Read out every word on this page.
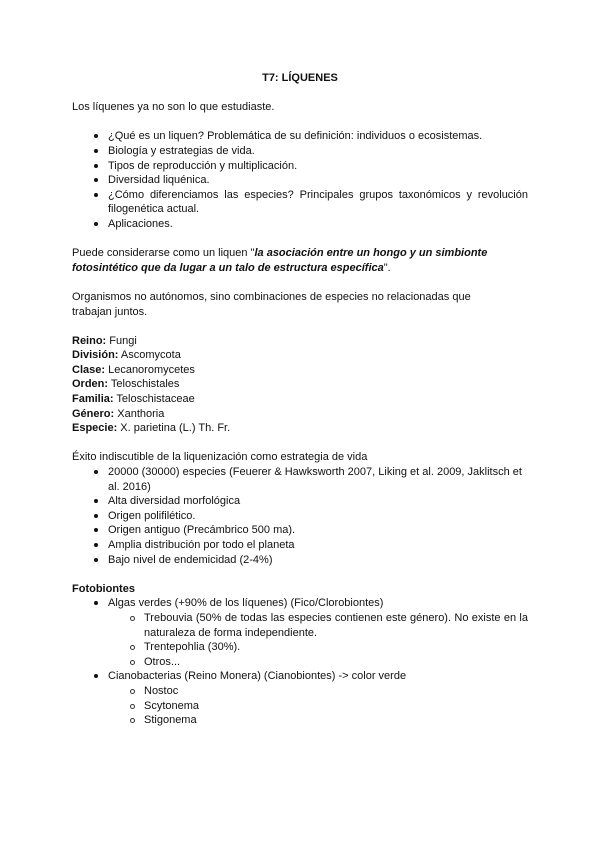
T7: LÍQUENES

Los líquenes ya no son lo que estudiaste.

¿Qué es un liquen? Problemática de su definición: individuos o ecosistemas.
Biología y estrategias de vida.
Tipos de reproducción y multiplicación.
Diversidad liquénica.
¿Cómo diferenciamos las especies? Principales grupos taxonómicos y revolución filogenética actual.
Aplicaciones.

Puede considerarse como un liquen "la asociación entre un hongo y un simbionte fotosintético que da lugar a un talo de estructura específica".

Organismos no autónomos, sino combinaciones de especies no relacionadas que trabajan juntos.

Reino: Fungi
División: Ascomycota
Clase: Lecanoromycetes
Orden: Teloschistales
Familia: Teloschistaceae
Género: Xanthoria
Especie: X. parietina (L.) Th. Fr.
Éxito indiscutible de la liquenización como estrategia de vida
20000 (30000) especies (Feuerer & Hawksworth 2007, Liking et al. 2009, Jaklitsch et al. 2016)
Alta diversidad morfológica
Origen polifilético.
Origen antiguo (Precámbrico 500 ma).
Amplia distribución por todo el planeta
Bajo nivel de endemicidad (2-4%)
Fotobiontes
Algas verdes (+90% de los líquenes) (Fico/Clorobiontes)
Trebouvia (50% de todas las especies contienen este género). No existe en la naturaleza de forma independiente.
Trentepohlia (30%).
Otros...
Cianobacterias (Reino Monera) (Cianobiontes) -> color verde
Nostoc
Scytonema
Stigonema
